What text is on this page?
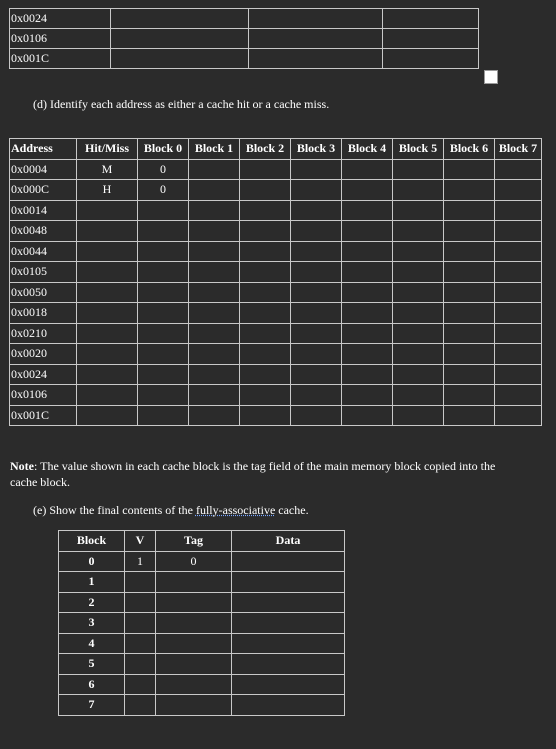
0x0024			
0x0106			
0x001C			
(d) Identify each address as either a cache hit or a cache miss.
Address	Hit/Miss	Block 0	Block 1	Block 2	Block 3	Block 4	Block 5	Block 6	Block 7
0x0004	M	0							
0x000C	H	0							
0x0014									
0x0048									
0x0044									
0x0105									
0x0050									
0x0018									
0x0210									
0x0020									
0x0024									
0x0106									
0x001C									
Note: The value shown in each cache block is the tag field of the main memory block copied into the cache block.
(e) Show the final contents of the fully-associative cache.
Block	V	Tag	Data
0	1	0	
1			
2			
3			
4			
5			
6			
7			
